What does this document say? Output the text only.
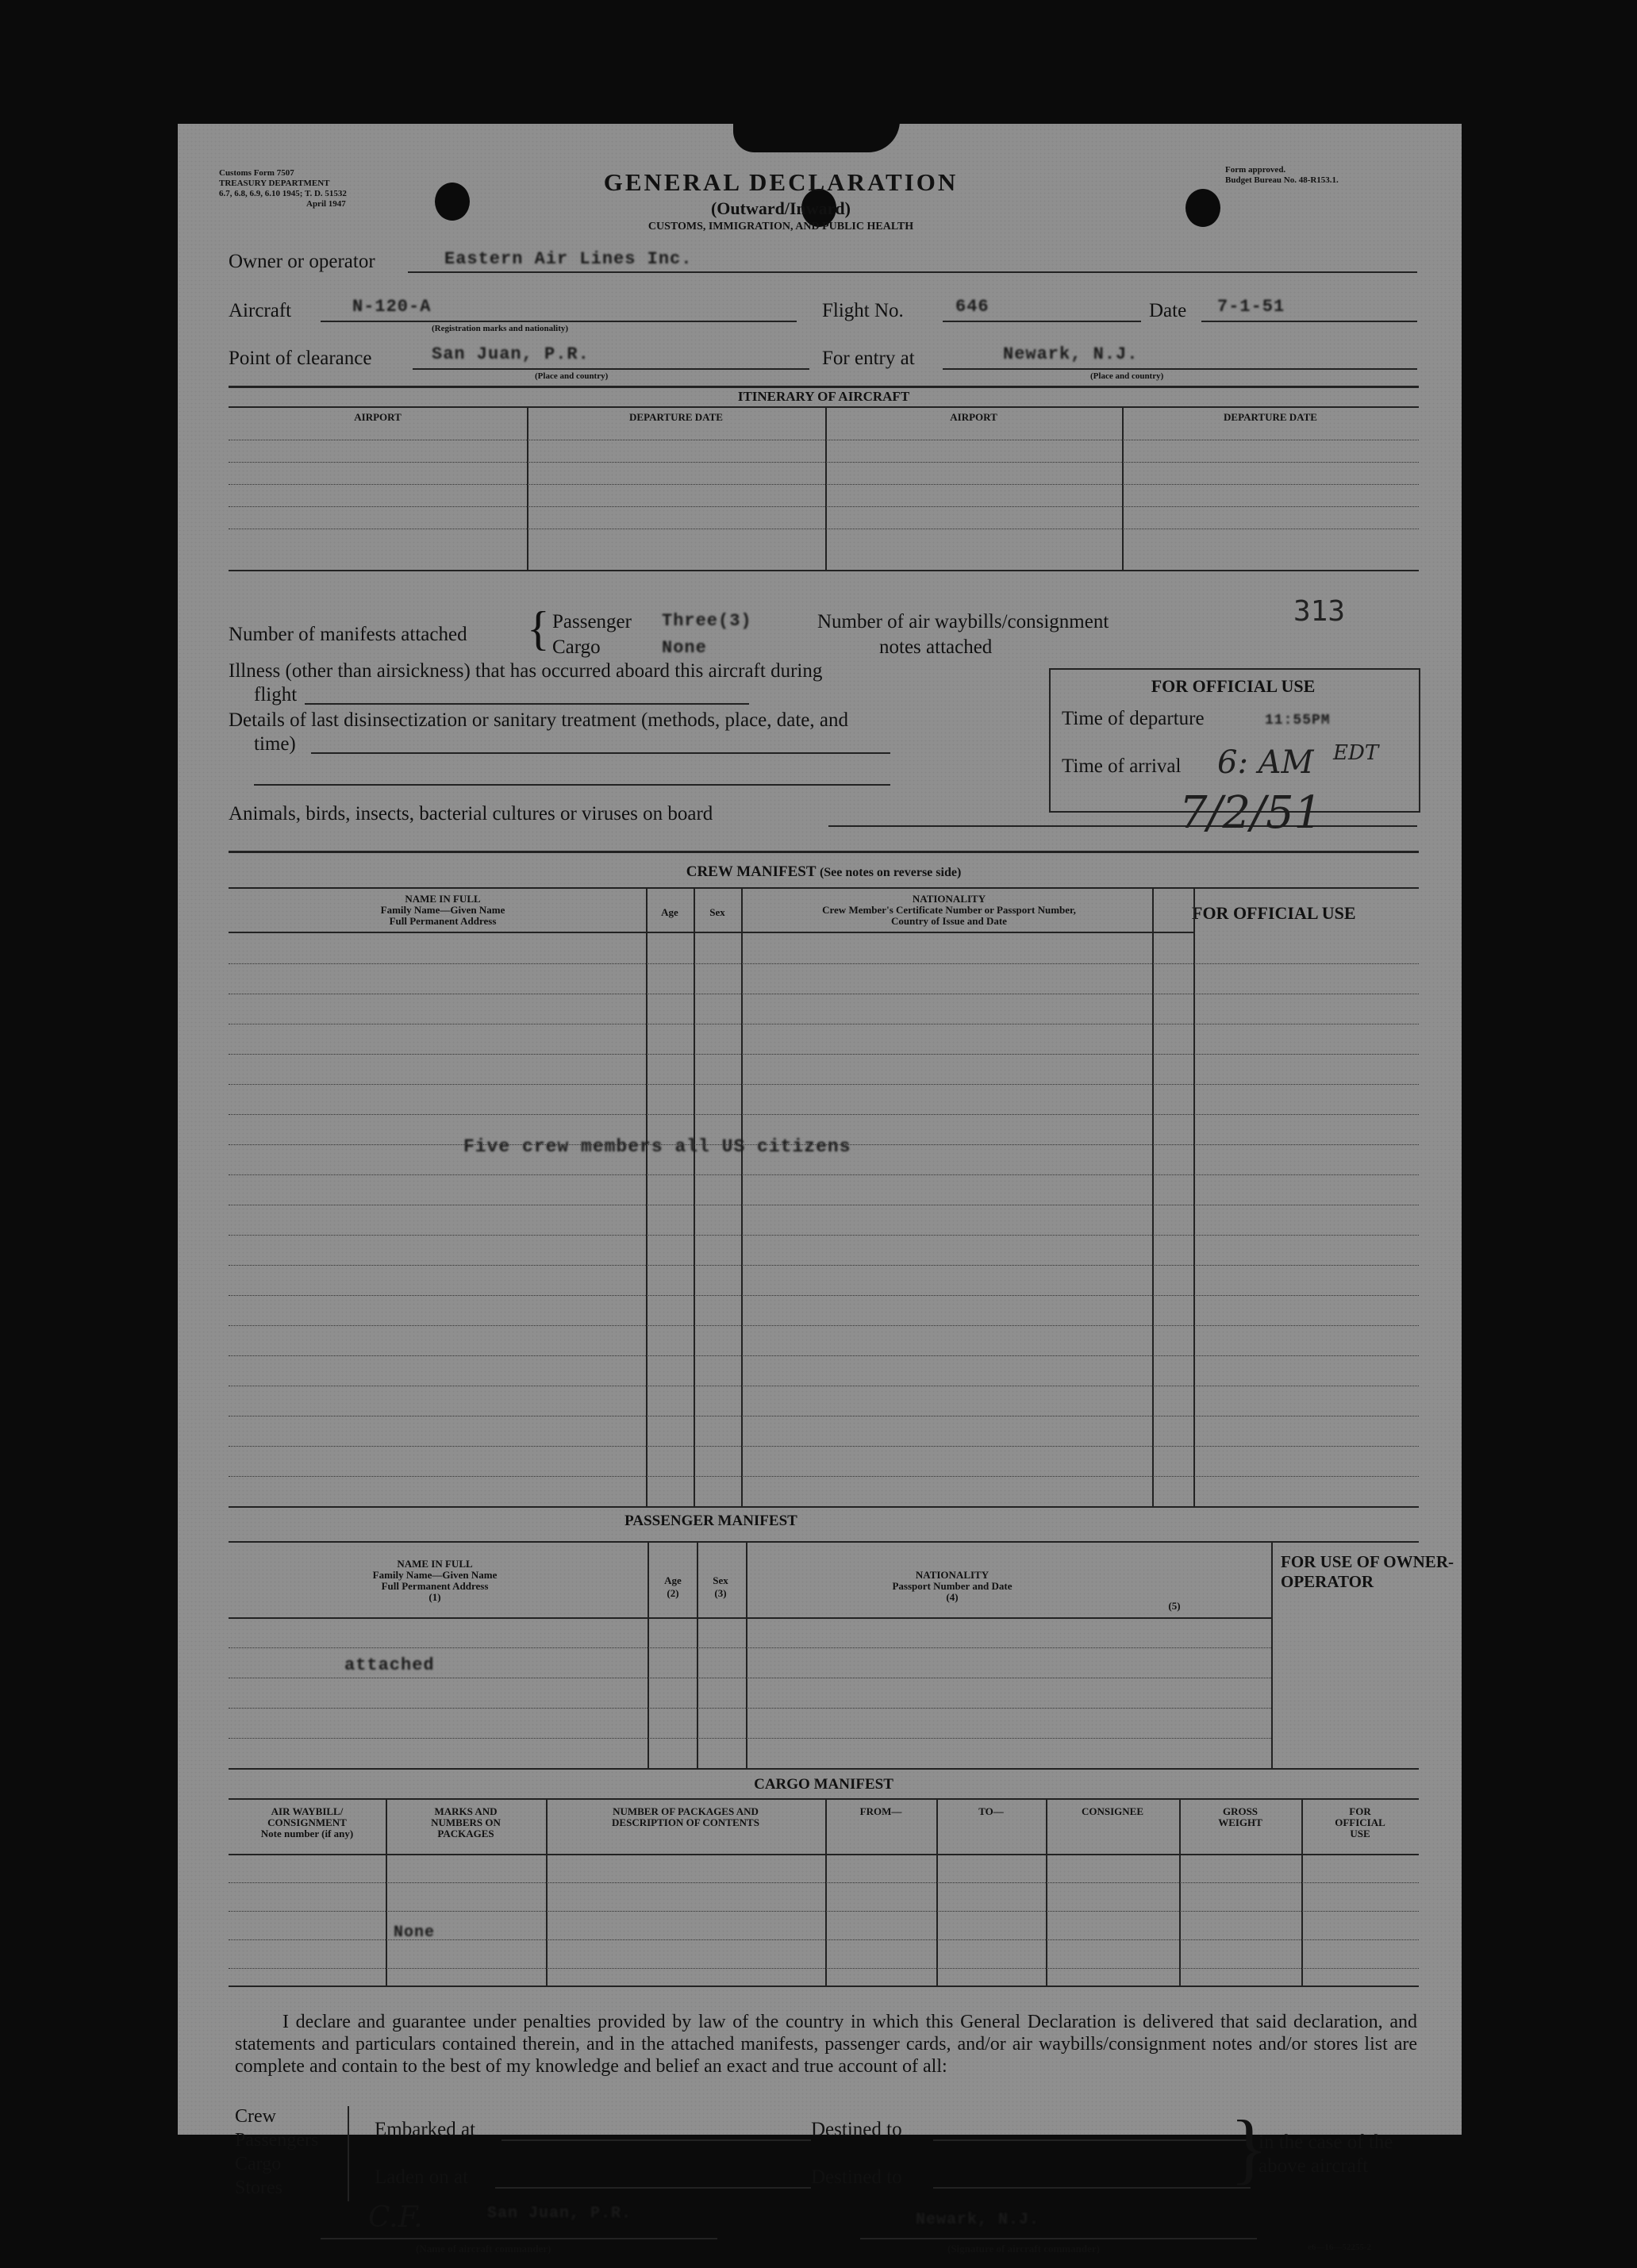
Customs Form 7507
TREASURY DEPARTMENT
6.7, 6.8, 6.9, 6.10 1945; T. D. 51532
April 1947
GENERAL DECLARATION
(Outward/Inward)
CUSTOMS, IMMIGRATION, AND PUBLIC HEALTH
Form approved.
Budget Bureau No. 48-R153.1.
Owner or operator	Eastern Air Lines Inc.
Aircraft	N-120-A
(Registration marks and nationality)
Flight No.	646	Date 7-1-51
Point of clearance	San Juan, P.R.
(Place and country)
For entry at	Newark, N.J.
(Place and country)
ITINERARY OF AIRCRAFT
AIRPORT	DEPARTURE DATE	AIRPORT	DEPARTURE DATE
Number of manifests attached { Passenger Three(3)
Cargo	None
Number of air waybills/consignment
notes attached
313
Illness (other than airsickness) that has occurred aboard this aircraft during
flight
Details of last disinsectization or sanitary treatment (methods, place, date, and
time)
Animals, birds, insects, bacterial cultures or viruses on board
FOR OFFICIAL USE
Time of departure	11:55PM
Time of arrival 6: AM EDT
7/2/51
CREW MANIFEST (See notes on reverse side)
NAME IN FULL
Family Name—Given Name
Full Permanent Address
Age	Sex
NATIONALITY
Crew Member's Certificate Number or Passport Number,
Country of Issue and Date	FOR OFFICIAL USE
Five crew members all US citizens
PASSENGER MANIFEST
NAME IN FULL
Family Name—Given Name
Full Permanent Address
(1)
Age
(2)
Sex
(3)
NATIONALITY
Passport Number and Date
(4)
(5)
FOR USE OF OWNER-OPERATOR
attached
CARGO MANIFEST
AIR WAYBILL/
CONSIGNMENT
Note number (if any)
MARKS AND
NUMBERS ON
PACKAGES
NUMBER OF PACKAGES AND
DESCRIPTION OF CONTENTS
FROM—	TO—	CONSIGNEE	GROSS
WEIGHT
FOR
OFFICIAL
USE
None
I declare and guarantee under penalties provided by law of the country in which this General Declaration is delivered that said declaration, and statements and particulars contained therein, and in the attached manifests, passenger cards, and/or air waybills/consignment notes and/or stores list are complete and contain to the best of my knowledge and belief an exact and true account of all:
Crew
Passengers
Cargo
Stores
Embarked at
Laden on at
Destined to
Destined to	}
in the case of the
above aircraft
C.F.	San Juan, P.R.
(Name of aircraft commander)
Newark, N.J.
(Signature of aircraft commander)	e6—16—52255-2
